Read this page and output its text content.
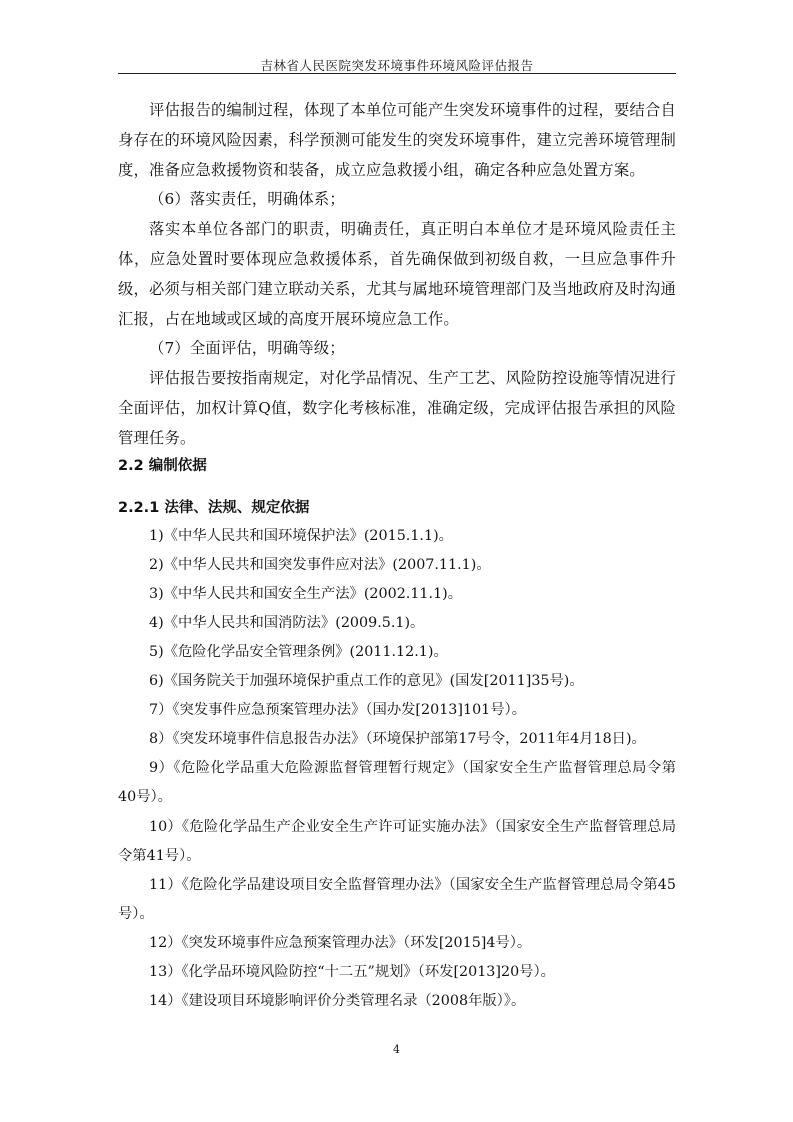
吉林省人民医院突发环境事件环境风险评估报告

评估报告的编制过程，体现了本单位可能产生突发环境事件的过程，要结合自身存在的环境风险因素，科学预测可能发生的突发环境事件，建立完善环境管理制度，准备应急救援物资和装备，成立应急救援小组，确定各种应急处置方案。

（6）落实责任，明确体系；

落实本单位各部门的职责，明确责任，真正明白本单位才是环境风险责任主体，应急处置时要体现应急救援体系，首先确保做到初级自救，一旦应急事件升级，必须与相关部门建立联动关系，尤其与属地环境管理部门及当地政府及时沟通汇报，占在地域或区域的高度开展环境应急工作。

（7）全面评估，明确等级；

评估报告要按指南规定，对化学品情况、生产工艺、风险防控设施等情况进行全面评估，加权计算Q值，数字化考核标准，准确定级，完成评估报告承担的风险管理任务。

2.2 编制依据

2.2.1 法律、法规、规定依据

1)《中华人民共和国环境保护法》(2015.1.1)。

2)《中华人民共和国突发事件应对法》(2007.11.1)。

3)《中华人民共和国安全生产法》(2002.11.1)。

4)《中华人民共和国消防法》(2009.5.1)。

5)《危险化学品安全管理条例》(2011.12.1)。

6)《国务院关于加强环境保护重点工作的意见》(国发[2011]35号)。

7）《突发事件应急预案管理办法》（国办发[2013]101号）。

8）《突发环境事件信息报告办法》（环境保护部第17号令，2011年4月18日)。

9）《危险化学品重大危险源监督管理暂行规定》（国家安全生产监督管理总局令第40号）。

10）《危险化学品生产企业安全生产许可证实施办法》（国家安全生产监督管理总局令第41号）。

11）《危险化学品建设项目安全监督管理办法》（国家安全生产监督管理总局令第45号）。

12）《突发环境事件应急预案管理办法》（环发[2015]4号）。

13）《化学品环境风险防控“十二五”规划》（环发[2013]20号）。

14）《建设项目环境影响评价分类管理名录（2008年版）》。

4
